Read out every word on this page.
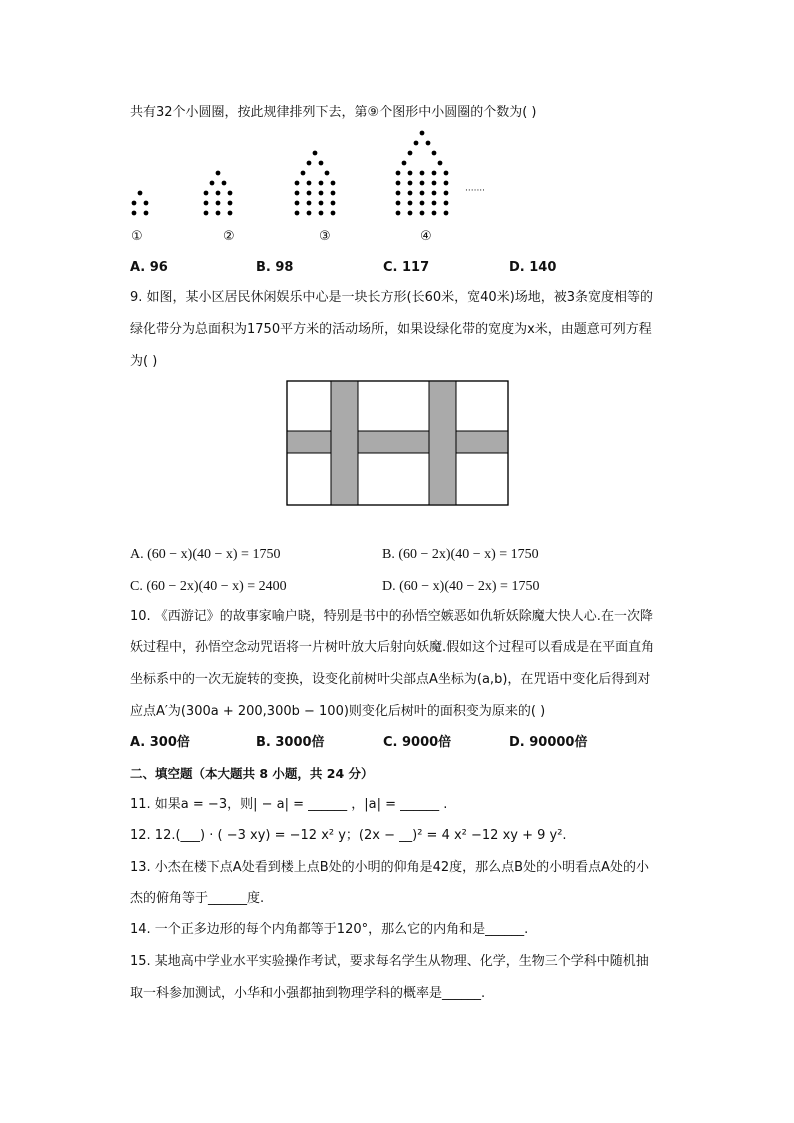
共有32个小圆圈，按此规律排列下去，第⑨个图形中小圆圈的个数为( )
①	②	③	④
·······
A. 96	B. 98	C. 117	D. 140
9. 如图，某小区居民休闲娱乐中心是一块长方形(长60米，宽40米)场地，被3条宽度相等的
绿化带分为总面积为1750平方米的活动场所，如果设绿化带的宽度为x米，由题意可列方程
为( )
A. (60 − x)(40 − x) = 1750	B. (60 − 2x)(40 − x) = 1750
C. (60 − 2x)(40 − x) = 2400	D. (60 − x)(40 − 2x) = 1750
10. 《西游记》的故事家喻户晓，特别是书中的孙悟空嫉恶如仇斩妖除魔大快人心.在一次降
妖过程中，孙悟空念动咒语将一片树叶放大后射向妖魔.假如这个过程可以看成是在平面直角
坐标系中的一次无旋转的变换，设变化前树叶尖部点A坐标为(a,b)，在咒语中变化后得到对
应点A′为(300a + 200,300b − 100)则变化后树叶的面积变为原来的( )
A. 300倍	B. 3000倍	C. 9000倍	D. 90000倍
二、填空题（本大题共 8 小题，共 24 分）
11. 如果a = −3，则| − a| = ______ ，|a| = ______ .
12. 12.(___) · ( −3 xy) = −12 x² y；(2x − __)² = 4 x² −12 xy + 9 y².
13. 小杰在楼下点A处看到楼上点B处的小明的仰角是42度，那么点B处的小明看点A处的小
杰的俯角等于______度.
14. 一个正多边形的每个内角都等于120°，那么它的内角和是______.
15. 某地高中学业水平实验操作考试，要求每名学生从物理、化学，生物三个学科中随机抽
取一科参加测试，小华和小强都抽到物理学科的概率是______.
